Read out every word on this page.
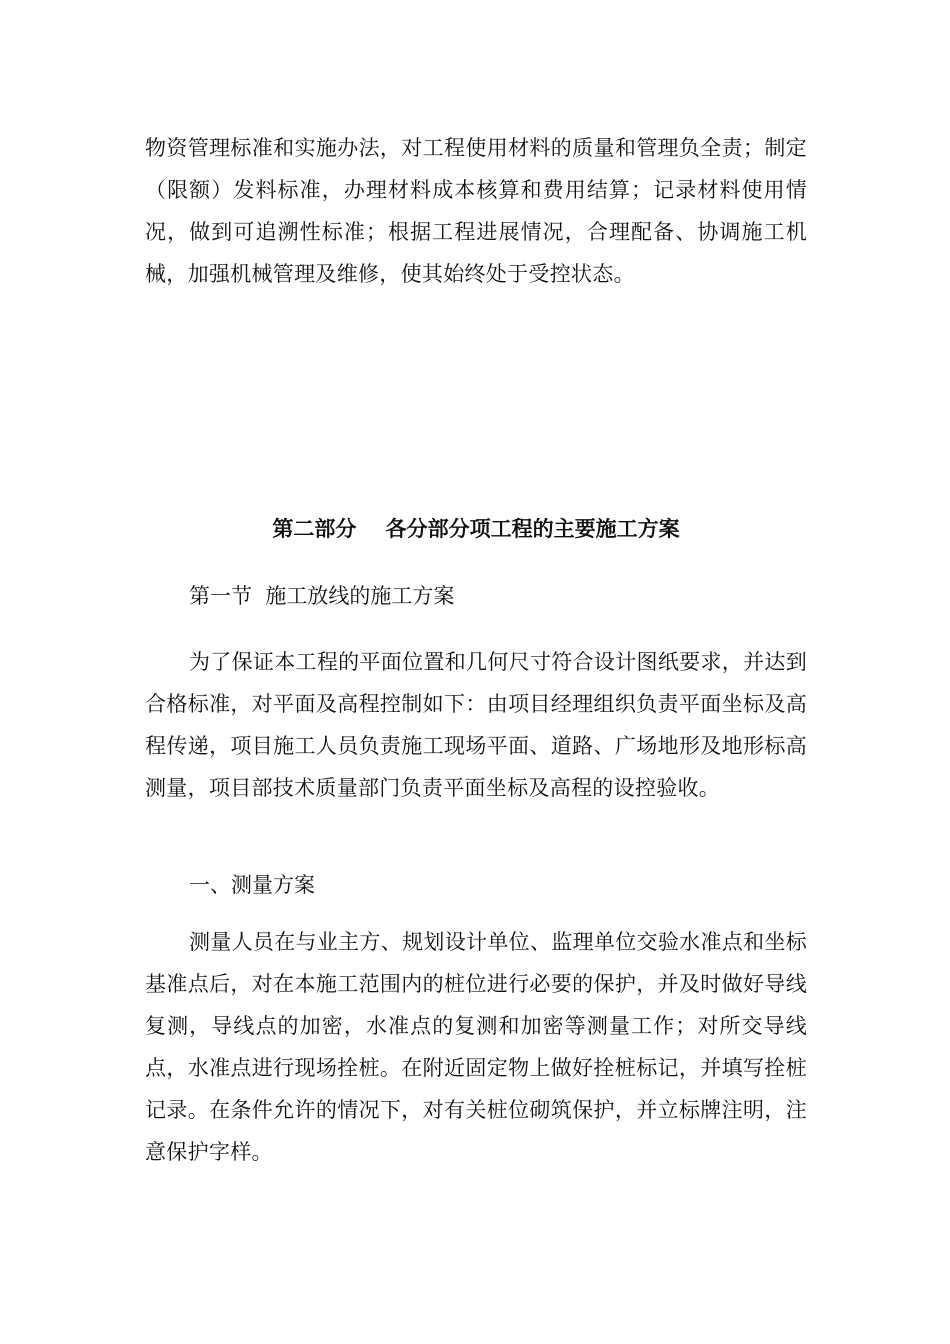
物资管理标准和实施办法，对工程使用材料的质量和管理负全责；制定（限额）发料标准，办理材料成本核算和费用结算；记录材料使用情况，做到可追溯性标准；根据工程进展情况，合理配备、协调施工机械，加强机械管理及维修，使其始终处于受控状态。

第二部分    各分部分项工程的主要施工方案

第一节  施工放线的施工方案

为了保证本工程的平面位置和几何尺寸符合设计图纸要求，并达到合格标准，对平面及高程控制如下：由项目经理组织负责平面坐标及高程传递，项目施工人员负责施工现场平面、道路、广场地形及地形标高测量，项目部技术质量部门负责平面坐标及高程的设控验收。

一、测量方案

测量人员在与业主方、规划设计单位、监理单位交验水准点和坐标基准点后，对在本施工范围内的桩位进行必要的保护，并及时做好导线复测，导线点的加密，水准点的复测和加密等测量工作；对所交导线点，水准点进行现场拴桩。在附近固定物上做好拴桩标记，并填写拴桩记录。在条件允许的情况下，对有关桩位砌筑保护，并立标牌注明，注意保护字样。
